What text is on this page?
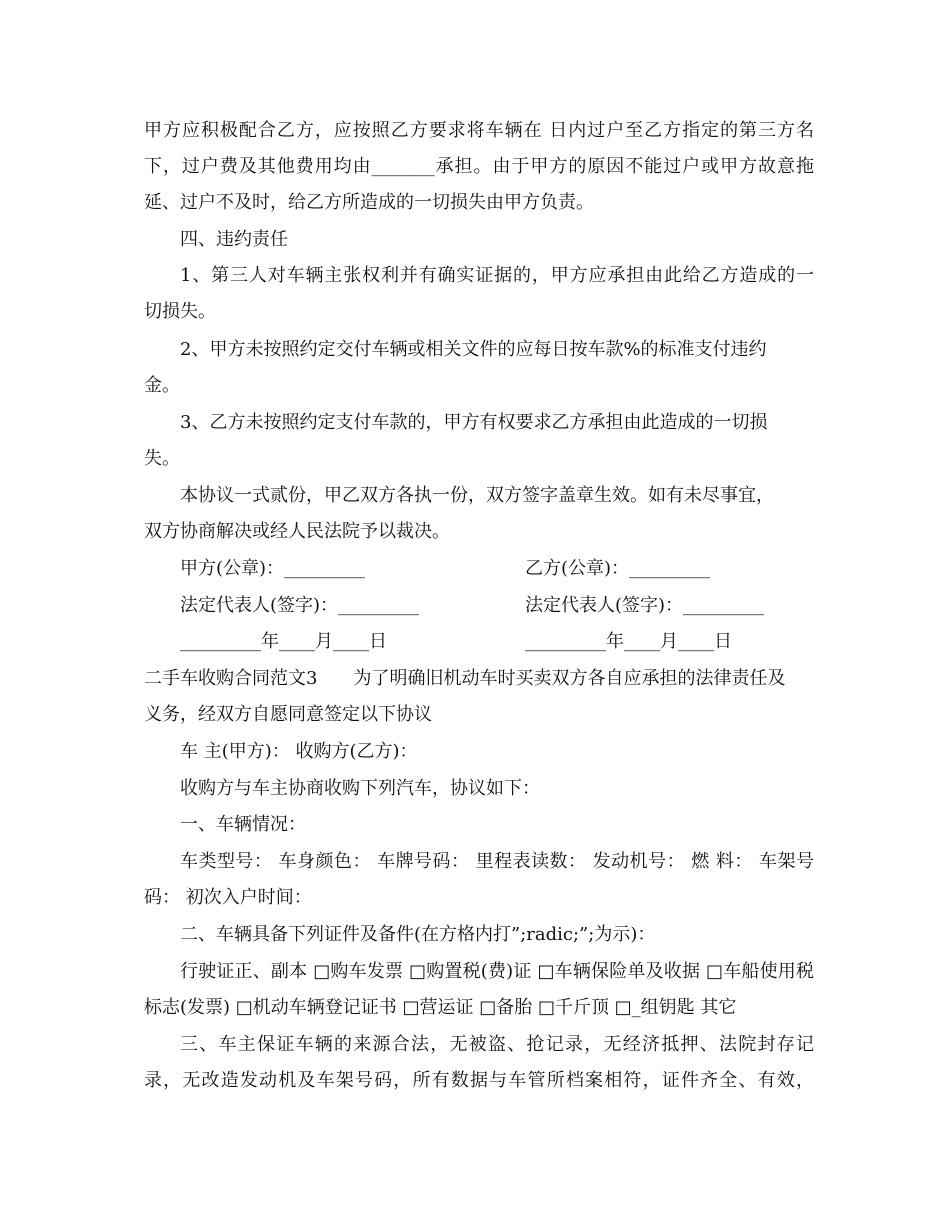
甲方应积极配合乙方，应按照乙方要求将车辆在 日内过户至乙方指定的第三方名

下，过户费及其他费用均由_______承担。由于甲方的原因不能过户或甲方故意拖

延、过户不及时，给乙方所造成的一切损失由甲方负责。

四、违约责任

1、第三人对车辆主张权利并有确实证据的，甲方应承担由此给乙方造成的一

切损失。

2、甲方未按照约定交付车辆或相关文件的应每日按车款%的标准支付违约

金。

3、乙方未按照约定支付车款的，甲方有权要求乙方承担由此造成的一切损

失。

本协议一式贰份，甲乙双方各执一份，双方签字盖章生效。如有未尽事宜，

双方协商解决或经人民法院予以裁决。

甲方(公章)：_________	乙方(公章)：_________

法定代表人(签字)：_________	法定代表人(签字)：_________

_________年____月____日	_________年____月____日

二手车收购合同范文3 为了明确旧机动车时买卖双方各自应承担的法律责任及

义务，经双方自愿同意签定以下协议

车 主(甲方)： 收购方(乙方)：

收购方与车主协商收购下列汽车，协议如下：

一、车辆情况：

车类型号： 车身颜色： 车牌号码： 里程表读数： 发动机号： 燃 料： 车架号

码： 初次入户时间：

二、车辆具备下列证件及备件(在方格内打”;radic;”;为示)：

行驶证正、副本 □购车发票 □购置税(费)证 □车辆保险单及收据 □车船使用税

标志(发票) □机动车辆登记证书 □营运证 □备胎 □千斤顶 □_组钥匙 其它

三、车主保证车辆的来源合法，无被盗、抢记录，无经济抵押、法院封存记

录，无改造发动机及车架号码，所有数据与车管所档案相符，证件齐全、有效，
